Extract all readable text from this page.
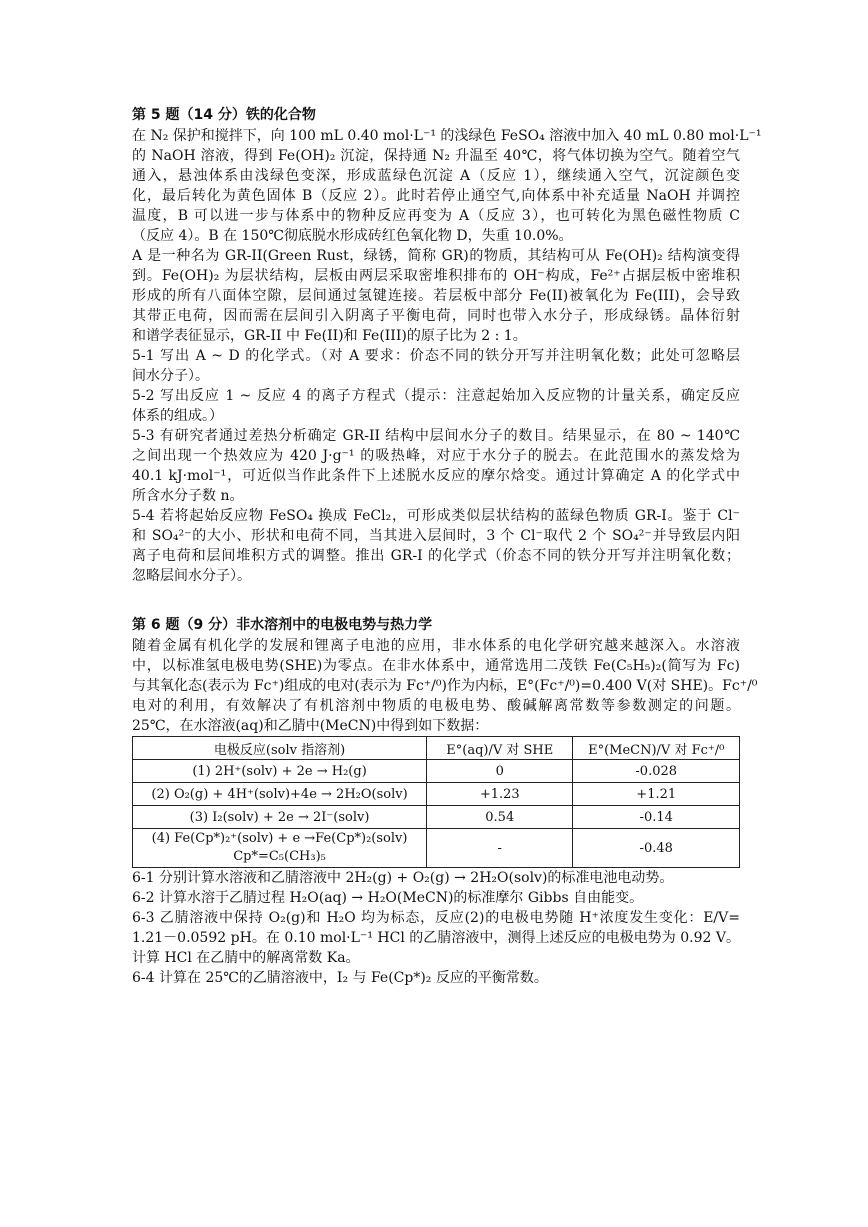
第 5 题（14 分）铁的化合物
在 N₂ 保护和搅拌下，向 100 mL 0.40 mol·L⁻¹ 的浅绿色 FeSO₄ 溶液中加入 40 mL 0.80 mol·L⁻¹
的 NaOH 溶液，得到 Fe(OH)₂ 沉淀，保持通 N₂ 升温至 40℃，将气体切换为空气。随着空气
通入，悬浊体系由浅绿色变深，形成蓝绿色沉淀 A（反应 1），继续通入空气，沉淀颜色变
化，最后转化为黄色固体 B（反应 2）。此时若停止通空气,向体系中补充适量 NaOH 并调控
温度，B 可以进一步与体系中的物种反应再变为 A（反应 3），也可转化为黑色磁性物质 C
（反应 4）。B 在 150℃彻底脱水形成砖红色氧化物 D，失重 10.0%。
A 是一种名为 GR-II(Green Rust，绿锈，简称 GR)的物质，其结构可从 Fe(OH)₂ 结构演变得
到。Fe(OH)₂ 为层状结构，层板由两层采取密堆积排布的 OH⁻构成，Fe²⁺占据层板中密堆积
形成的所有八面体空隙，层间通过氢键连接。若层板中部分 Fe(II)被氧化为 Fe(III)，会导致
其带正电荷，因而需在层间引入阴离子平衡电荷，同时也带入水分子，形成绿锈。晶体衍射
和谱学表征显示，GR-II 中 Fe(II)和 Fe(III)的原子比为 2 : 1。
5-1 写出 A ~ D 的化学式。（对 A 要求：价态不同的铁分开写并注明氧化数；此处可忽略层
间水分子）。
5-2 写出反应 1 ~ 反应 4 的离子方程式（提示：注意起始加入反应物的计量关系，确定反应
体系的组成。）
5-3 有研究者通过差热分析确定 GR-II 结构中层间水分子的数目。结果显示，在 80 ~ 140℃
之间出现一个热效应为 420 J·g⁻¹ 的吸热峰，对应于水分子的脱去。在此范围水的蒸发焓为
40.1 kJ·mol⁻¹，可近似当作此条件下上述脱水反应的摩尔焓变。通过计算确定 A 的化学式中
所含水分子数 n。
5-4 若将起始反应物 FeSO₄ 换成 FeCl₂，可形成类似层状结构的蓝绿色物质 GR-I。鉴于 Cl⁻
和 SO₄²⁻的大小、形状和电荷不同，当其进入层间时，3 个 Cl⁻取代 2 个 SO₄²⁻并导致层内阳
离子电荷和层间堆积方式的调整。推出 GR-I 的化学式（价态不同的铁分开写并注明氧化数；
忽略层间水分子）。
第 6 题（9 分）非水溶剂中的电极电势与热力学
随着金属有机化学的发展和锂离子电池的应用，非水体系的电化学研究越来越深入。水溶液
中，以标准氢电极电势(SHE)为零点。在非水体系中，通常选用二茂铁 Fe(C₅H₅)₂(简写为 Fc)
与其氧化态(表示为 Fc⁺)组成的电对(表示为 Fc⁺/⁰)作为内标，E°(Fc⁺/⁰)=0.400 V(对 SHE)。Fc⁺/⁰
电对的利用，有效解决了有机溶剂中物质的电极电势、酸碱解离常数等参数测定的问题。
25℃，在水溶液(aq)和乙腈中(MeCN)中得到如下数据：
电极反应(solv 指溶剂)	E°(aq)/V 对 SHE	E°(MeCN)/V 对 Fc⁺/⁰
(1) 2H⁺(solv) + 2e → H₂(g)	0	-0.028
(2) O₂(g) + 4H⁺(solv)+4e → 2H₂O(solv)	+1.23	+1.21
(3) I₂(solv) + 2e → 2I⁻(solv)	0.54	-0.14

(4) Fe(Cp*)₂⁺(solv) + e →Fe(Cp*)₂(solv)
Cp*=C₅(CH₃)₅	-	-0.48
6-1 分别计算水溶液和乙腈溶液中 2H₂(g) + O₂(g) → 2H₂O(solv)的标准电池电动势。
6-2 计算水溶于乙腈过程 H₂O(aq) → H₂O(MeCN)的标准摩尔 Gibbs 自由能变。
6-3 乙腈溶液中保持 O₂(g)和 H₂O 均为标态，反应(2)的电极电势随 H⁺浓度发生变化：E/V=
1.21－0.0592 pH。在 0.10 mol·L⁻¹ HCl 的乙腈溶液中，测得上述反应的电极电势为 0.92 V。
计算 HCl 在乙腈中的解离常数 Ka。
6-4 计算在 25℃的乙腈溶液中，I₂ 与 Fe(Cp*)₂ 反应的平衡常数。
